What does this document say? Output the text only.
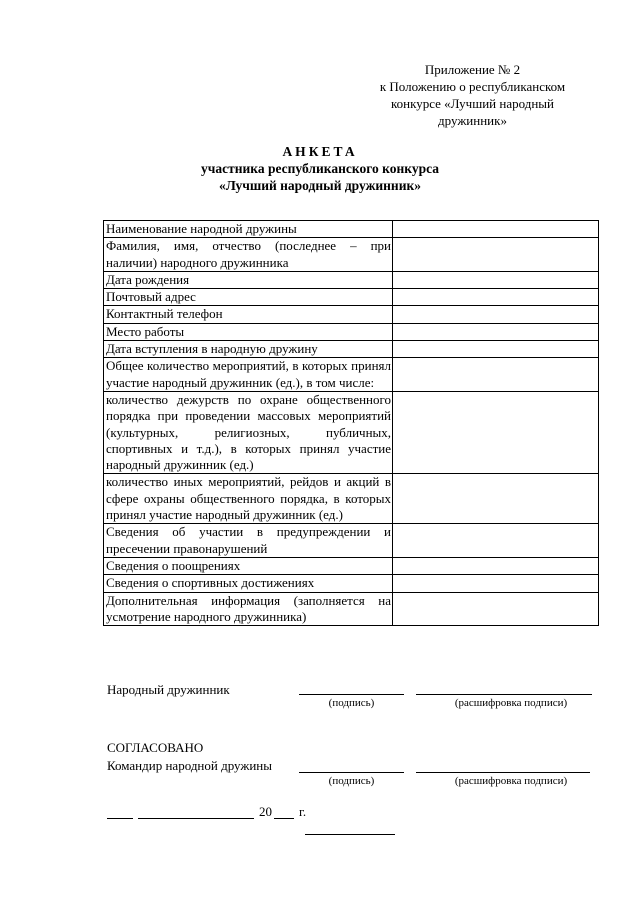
Приложение № 2
к Положению о республиканском
конкурсе «Лучший народный
дружинник»
АНКЕТА
участника республиканского конкурса
«Лучший народный дружинник»
Наименование народной дружины	
Фамилия, имя, отчество (последнее – при наличии) народного дружинника	
Дата рождения	
Почтовый адрес	
Контактный телефон	
Место работы	
Дата вступления в народную дружину	
Общее количество мероприятий, в которых принял участие народный дружинник (ед.), в том числе:	
количество дежурств по охране общественного порядка при проведении массовых мероприятий (культурных, религиозных, публичных, спортивных и т.д.), в которых принял участие народный дружинник (ед.)	
количество иных мероприятий, рейдов и акций в сфере охраны общественного порядка, в которых принял участие народный дружинник (ед.)	
Сведения об участии в предупреждении и пресечении правонарушений	
Сведения о поощрениях	
Сведения о спортивных достижениях	
Дополнительная информация (заполняется на усмотрение народного дружинника)	
Народный дружинник
(подпись)	(расшифровка подписи)
СОГЛАСОВАНО
Командир народной дружины
(подпись)	(расшифровка подписи)
20 г.
